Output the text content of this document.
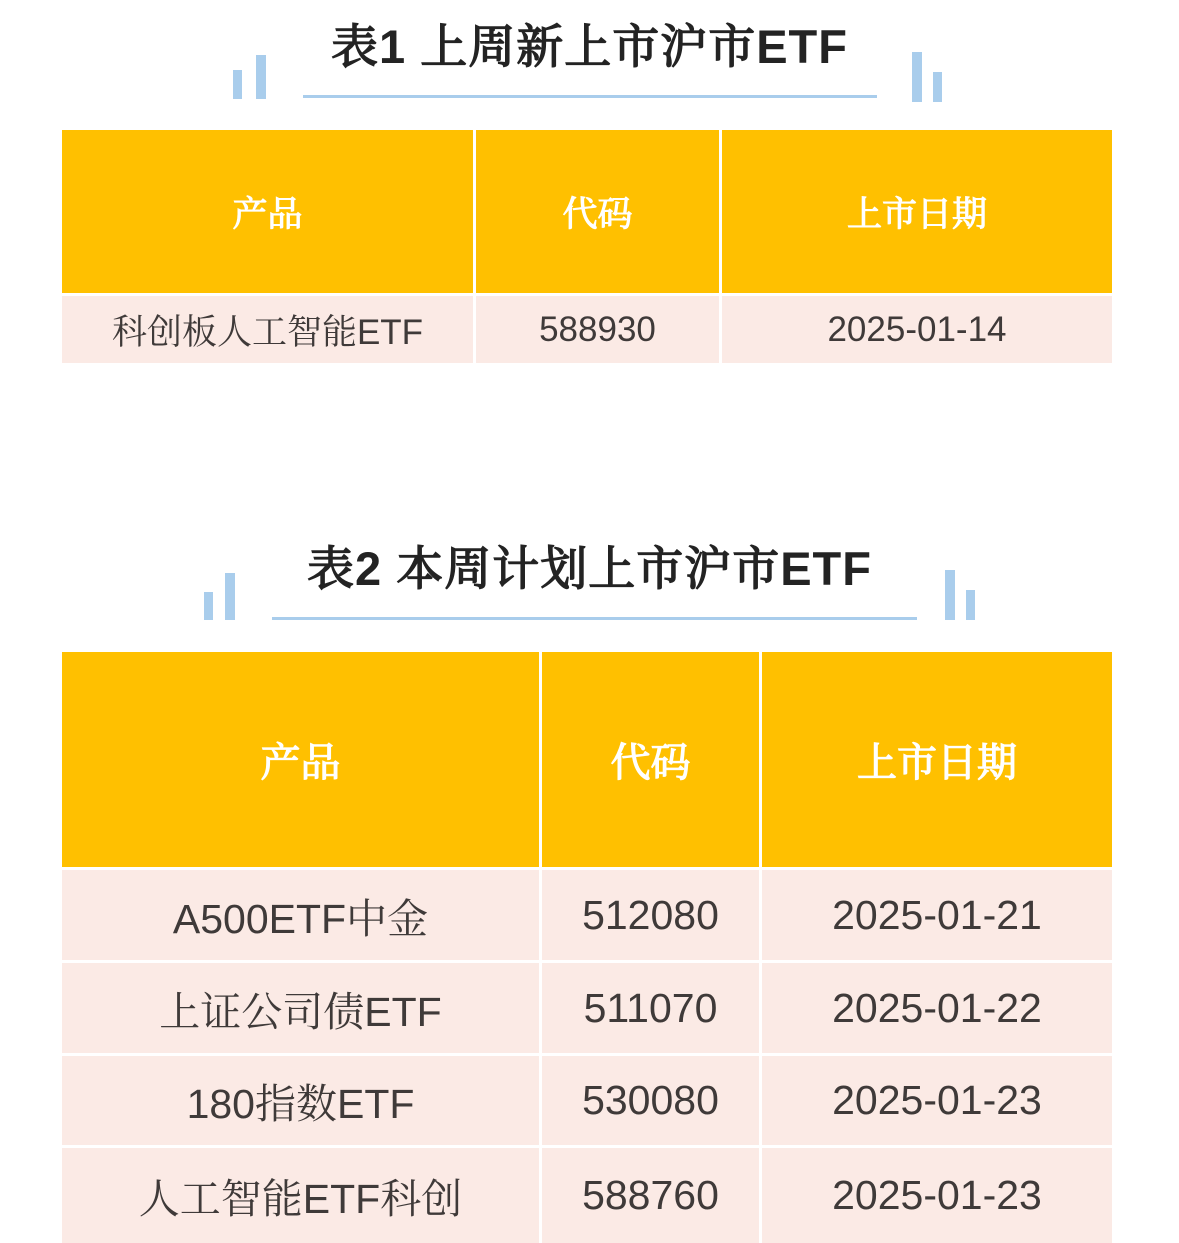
表1 上周新上市沪市ETF
产品	代码	上市日期
科创板人工智能ETF	588930	2025-01-14
表2 本周计划上市沪市ETF
产品	代码	上市日期
A500ETF中金	512080	2025-01-21
上证公司债ETF	511070	2025-01-22
180指数ETF	530080	2025-01-23
人工智能ETF科创	588760	2025-01-23
